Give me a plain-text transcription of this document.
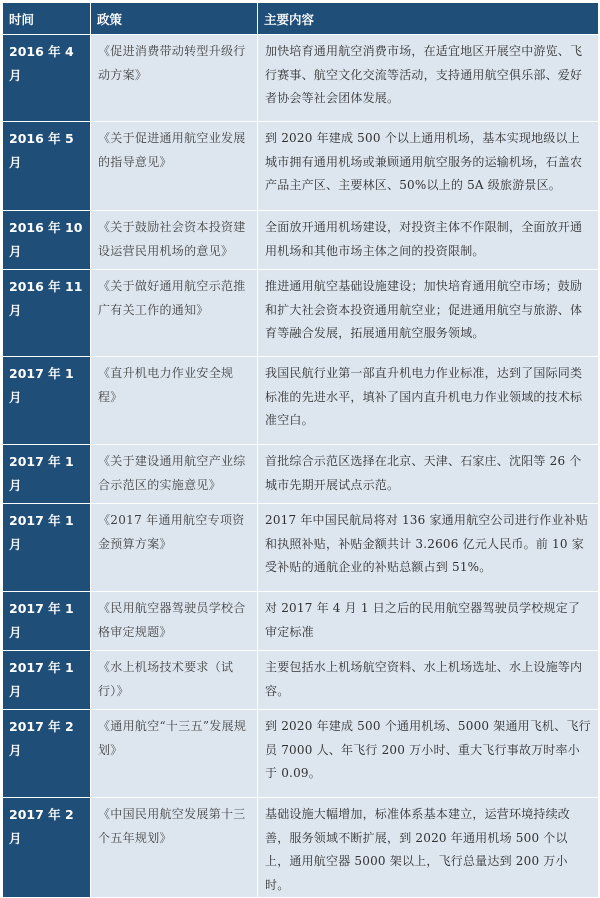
时间	政策	主要内容
2016 年 4 月	《促进消费带动转型升级行动方案》	加快培育通用航空消费市场，在适宜地区开展空中游览、飞行赛事、航空文化交流等活动，支持通用航空俱乐部、爱好者协会等社会团体发展。
2016 年 5 月	《关于促进通用航空业发展的指导意见》	到 2020 年建成 500 个以上通用机场，基本实现地级以上城市拥有通用机场或兼顾通用航空服务的运输机场，石盖农产品主产区、主要林区、50%以上的 5A 级旅游景区。
2016 年 10 月	《关于鼓励社会资本投资建设运营民用机场的意见》	全面放开通用机场建设，对投资主体不作限制，全面放开通用机场和其他市场主体之间的投资限制。
2016 年 11 月	《关于做好通用航空示范推广有关工作的通知》	推进通用航空基础设施建设；加快培育通用航空市场；鼓励和扩大社会资本投资通用航空业；促进通用航空与旅游、体育等融合发展，拓展通用航空服务领域。
2017 年 1 月	《直升机电力作业安全规程》	我国民航行业第一部直升机电力作业标准，达到了国际同类标准的先进水平，填补了国内直升机电力作业领域的技术标准空白。
2017 年 1 月	《关于建设通用航空产业综合示范区的实施意见》	首批综合示范区选择在北京、天津、石家庄、沈阳等 26 个城市先期开展试点示范。
2017 年 1 月	《2017 年通用航空专项资金预算方案》	2017 年中国民航局将对 136 家通用航空公司进行作业补贴和执照补贴，补贴金额共计 3.2606 亿元人民币。前 10 家受补贴的通航企业的补贴总额占到 51%。
2017 年 1 月	《民用航空器驾驶员学校合格审定规题》	对 2017 年 4 月 1 日之后的民用航空器驾驶员学校规定了审定标准
2017 年 1 月	《水上机场技术要求（试行）》	主要包括水上机场航空资料、水上机场选址、水上设施等内容。
2017 年 2 月	《通用航空“十三五”发展规划》	到 2020 年建成 500 个通用机场、5000 架通用飞机、飞行员 7000 人、年飞行 200 万小时、重大飞行事故万时率小于 0.09。
2017 年 2 月	《中国民用航空发展第十三个五年规划》	基础设施大幅增加，标准体系基本建立，运营环境持续改善，服务领域不断扩展，到 2020 年通用机场 500 个以上，通用航空器 5000 架以上，飞行总量达到 200 万小时。
